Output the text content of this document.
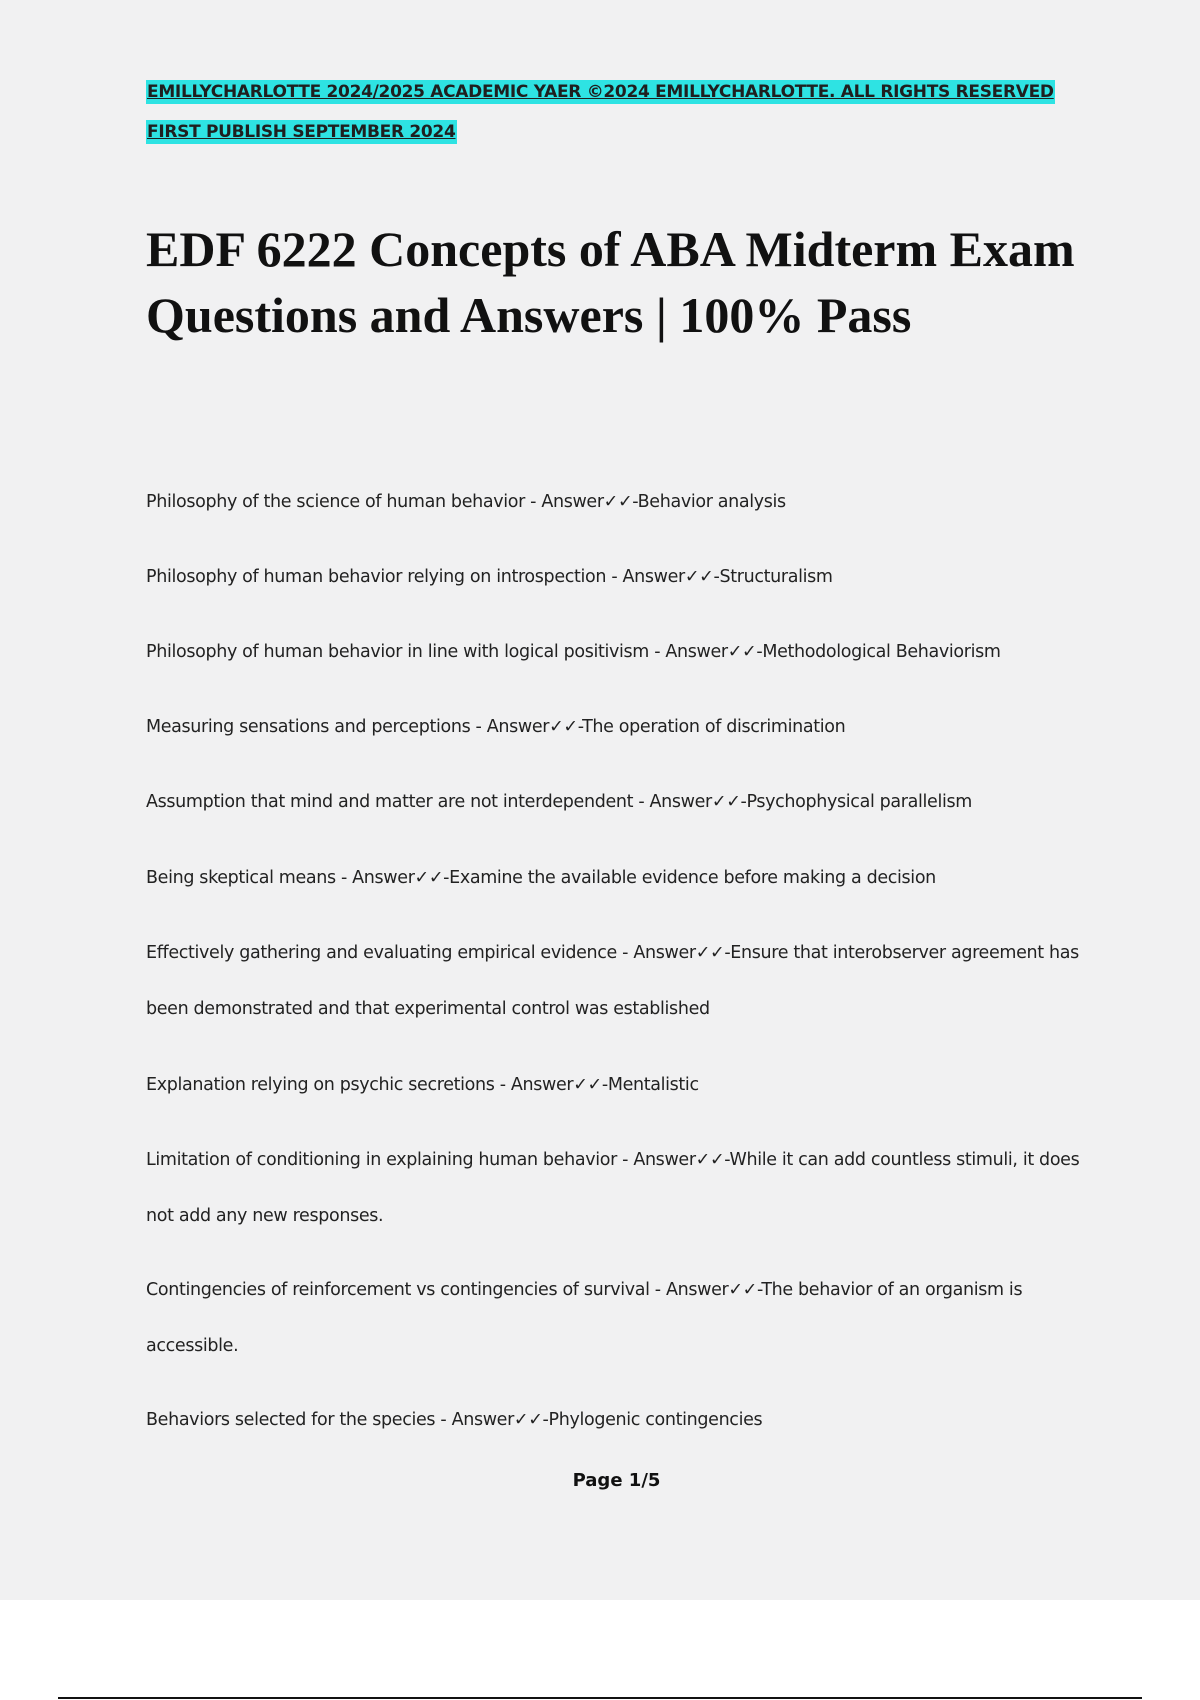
EMILLYCHARLOTTE 2024/2025 ACADEMIC YAER ©2024 EMILLYCHARLOTTE. ALL RIGHTS RESERVED
FIRST PUBLISH SEPTEMBER 2024
EDF 6222 Concepts of ABA Midterm Exam Questions and Answers | 100% Pass

Philosophy of the science of human behavior - Answer✓✓-Behavior analysis

Philosophy of human behavior relying on introspection - Answer✓✓-Structuralism

Philosophy of human behavior in line with logical positivism - Answer✓✓-Methodological Behaviorism

Measuring sensations and perceptions - Answer✓✓-The operation of discrimination

Assumption that mind and matter are not interdependent - Answer✓✓-Psychophysical parallelism

Being skeptical means - Answer✓✓-Examine the available evidence before making a decision

Effectively gathering and evaluating empirical evidence - Answer✓✓-Ensure that interobserver agreement has been demonstrated and that experimental control was established

Explanation relying on psychic secretions - Answer✓✓-Mentalistic

Limitation of conditioning in explaining human behavior - Answer✓✓-While it can add countless stimuli, it does not add any new responses.

Contingencies of reinforcement vs contingencies of survival - Answer✓✓-The behavior of an organism is accessible.

Behaviors selected for the species - Answer✓✓-Phylogenic contingencies

Page 1/5
